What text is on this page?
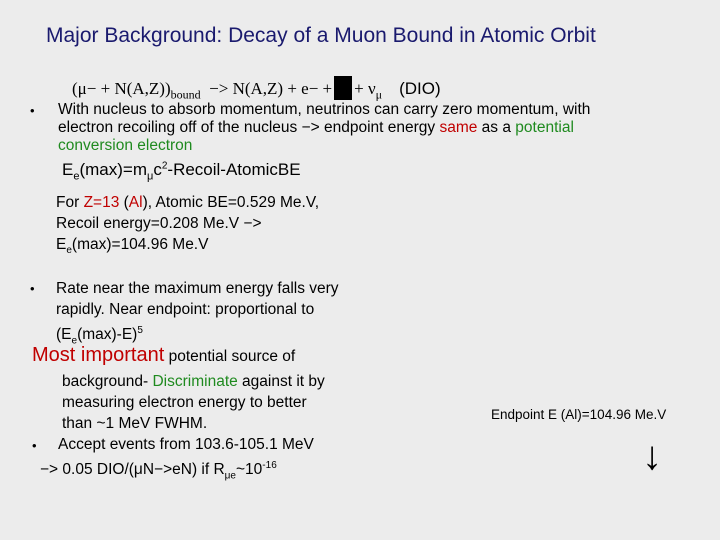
Major Background: Decay of a Muon Bound in Atomic Orbit
$(\mu- + N(A,Z))_{bound} -> N(A,Z) + e-$ + + $\nu_\mu$ (DIO)
• With nucleus to absorb momentum, neutrinos can carry zero momentum, with
electron recoiling off of the nucleus −> endpoint energy same as a potential
conversion electron
$E_e(\max)=m_\mu c^2-Recoil$-AtomicBE
For Z=13 (Al), Atomic BE=0.529 Me.V,
Recoil energy=0.208 Me.V −>
$E_e(\max)=104.96$ Me.V
• Rate near the maximum energy falls very
rapidly. Near endpoint: proportional to
$(E_e(\max)-E)^5$
Most important potential source of
background- Discriminate against it by
measuring electron energy to better
than ~1 MeV FWHM.
• Accept events from 103.6-105.1 MeV
−> 0.05 DIO/(μN−>eN) if $R_{\mu e}\sim 10^{-16}$
Endpoint E (Al)=104.96 Me.V
↓
